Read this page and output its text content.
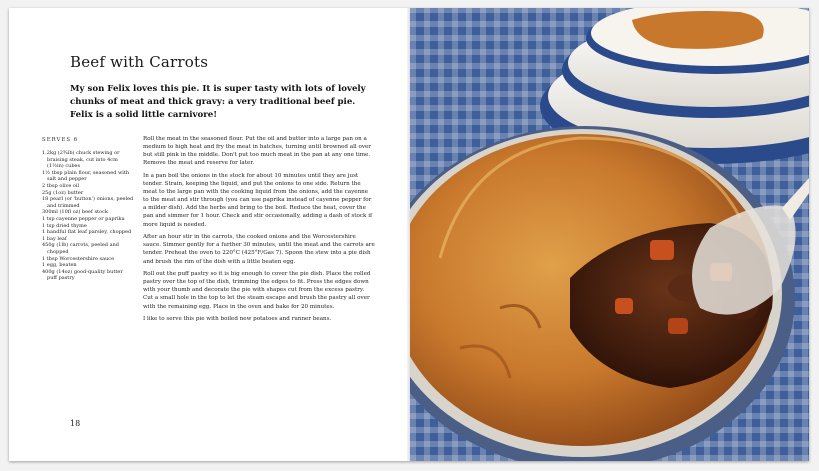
Beef with Carrots

My son Felix loves this pie. It is super tasty with lots of lovely chunks of meat and thick gravy: a very traditional beef pie. Felix is a solid little carnivore!

SERVES 6
1.2kg (2¾lb) chuck stewing or braising steak, cut into 4cm (1½in) cubes
1½ tbsp plain flour, seasoned with salt and pepper
2 tbsp olive oil
25g (1oz) butter
18 pearl (or 'button') onions, peeled and trimmed
300ml (10fl oz) beef stock
1 tsp cayenne pepper or paprika
1 tsp dried thyme
1 handful flat leaf parsley, chopped
1 bay leaf
450g (1lb) carrots, peeled and chopped
1 tbsp Worcestershire sauce
1 egg, beaten
400g (14oz) good-quality butter puff pastry

Roll the meat in the seasoned flour. Put the oil and butter into a large pan on a medium to high heat and fry the meat in batches, turning until browned all over but still pink in the middle. Don't put too much meat in the pan at any one time. Remove the meat and reserve for later.

In a pan boil the onions in the stock for about 10 minutes until they are just tender. Strain, keeping the liquid, and put the onions to one side. Return the meat to the large pan with the cooking liquid from the onions, add the cayenne to the meat and stir through (you can use paprika instead of cayenne pepper for a milder dish). Add the herbs and bring to the boil. Reduce the heat, cover the pan and simmer for 1 hour. Check and stir occasionally, adding a dash of stock if more liquid is needed.

After an hour stir in the carrots, the cooked onions and the Worcestershire sauce. Simmer gently for a further 30 minutes, until the meat and the carrots are tender. Preheat the oven to 220°C (425°F/Gas 7). Spoon the stew into a pie dish and brush the rim of the dish with a little beaten egg.

Roll out the puff pastry so it is big enough to cover the pie dish. Place the rolled pastry over the top of the dish, trimming the edges to fit. Press the edges down with your thumb and decorate the pie with shapes cut from the excess pastry. Cut a small hole in the top to let the steam escape and brush the pastry all over with the remaining egg. Place in the oven and bake for 20 minutes.

I like to serve this pie with boiled new potatoes and runner beans.

18
